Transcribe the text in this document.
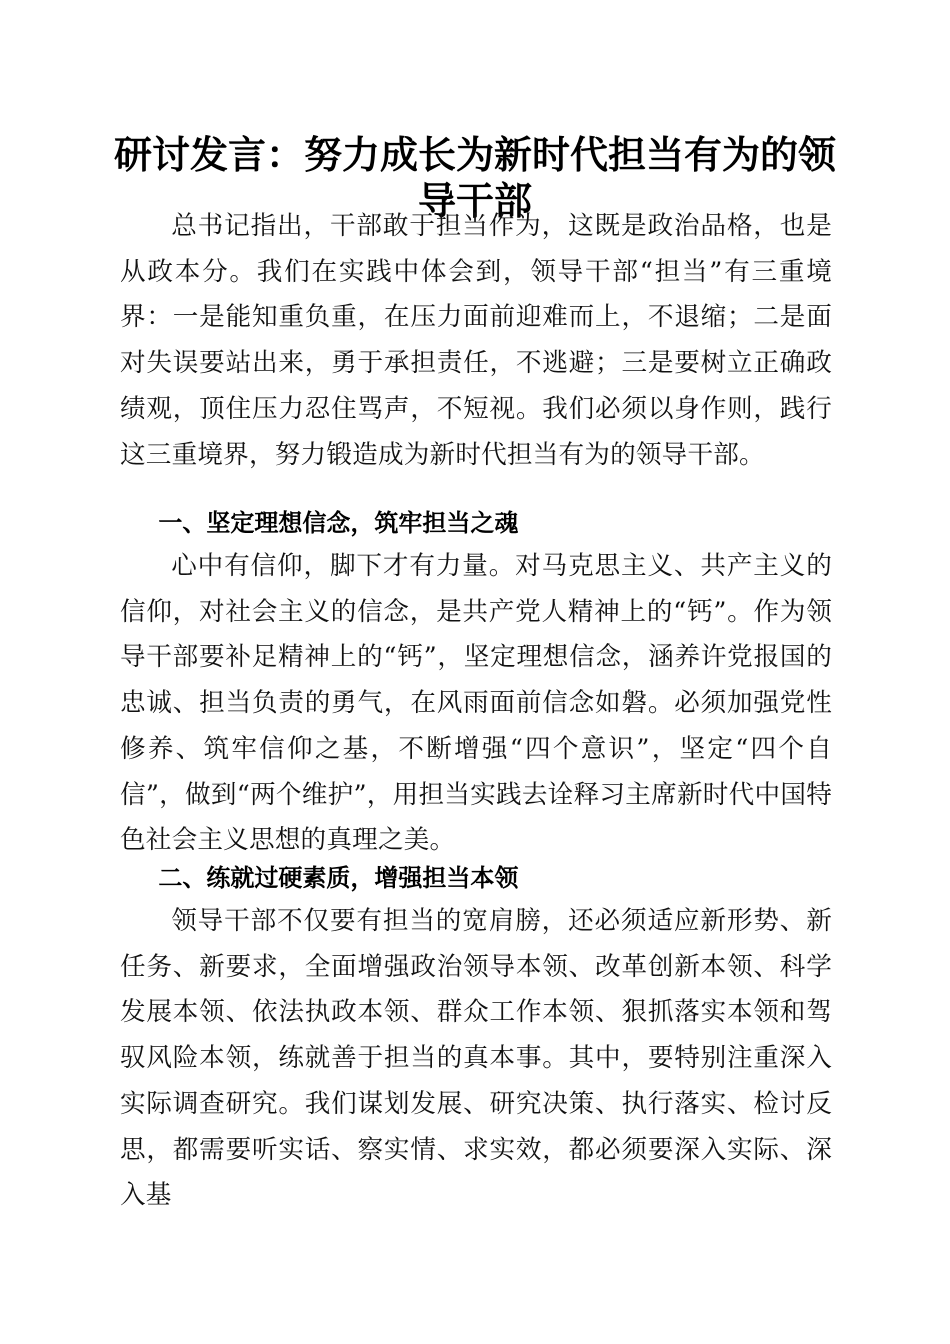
研讨发言：努力成长为新时代担当有为的领导干部

总书记指出，干部敢于担当作为，这既是政治品格，也是从政本分。我们在实践中体会到，领导干部“担当”有三重境界：一是能知重负重，在压力面前迎难而上，不退缩；二是面对失误要站出来，勇于承担责任，不逃避；三是要树立正确政绩观，顶住压力忍住骂声，不短视。我们必须以身作则，践行这三重境界，努力锻造成为新时代担当有为的领导干部。

一、坚定理想信念，筑牢担当之魂

心中有信仰，脚下才有力量。对马克思主义、共产主义的信仰，对社会主义的信念，是共产党人精神上的“钙”。作为领导干部要补足精神上的“钙”，坚定理想信念，涵养许党报国的忠诚、担当负责的勇气，在风雨面前信念如磐。必须加强党性修养、筑牢信仰之基，不断增强“四个意识”，坚定“四个自信”，做到“两个维护”，用担当实践去诠释习主席新时代中国特色社会主义思想的真理之美。

二、练就过硬素质，增强担当本领

领导干部不仅要有担当的宽肩膀，还必须适应新形势、新任务、新要求，全面增强政治领导本领、改革创新本领、科学发展本领、依法执政本领、群众工作本领、狠抓落实本领和驾驭风险本领，练就善于担当的真本事。其中，要特别注重深入实际调查研究。我们谋划发展、研究决策、执行落实、检讨反思，都需要听实话、察实情、求实效，都必须要深入实际、深入基
